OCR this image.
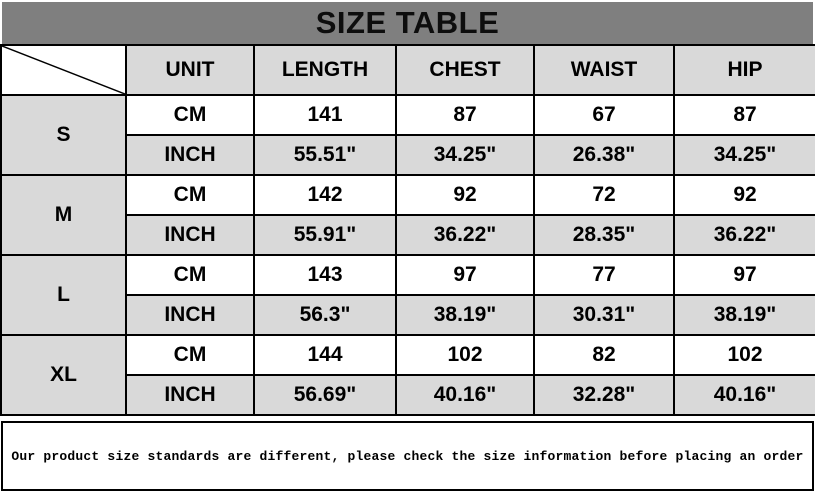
SIZE TABLE
	UNIT	LENGTH	CHEST	WAIST	HIP
S	CM	141	87	67	87
	INCH	55.51"	34.25"	26.38"	34.25"
M	CM	142	92	72	92
	INCH	55.91"	36.22"	28.35"	36.22"
L	CM	143	97	77	97
	INCH	56.3"	38.19"	30.31"	38.19"
XL	CM	144	102	82	102
	INCH	56.69"	40.16"	32.28"	40.16"
Our product size standards are different, please check the size information before placing an order
